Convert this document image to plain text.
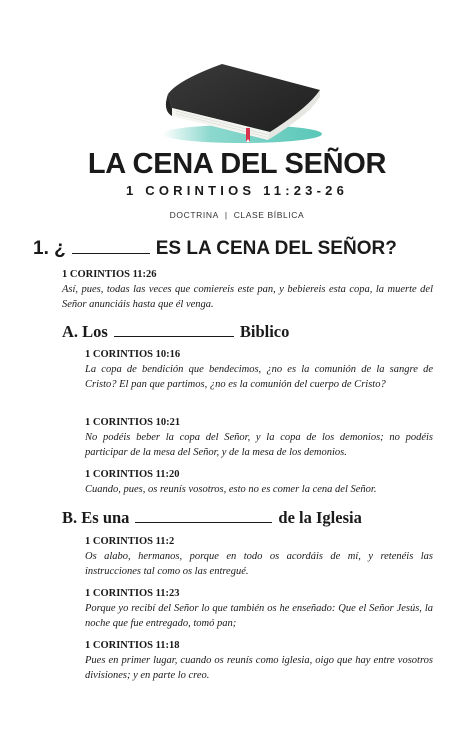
LA CENA DEL SEÑOR
1 CORINTIOS 11:23-26
DOCTRINA | CLASE BÍBLICA
1. ¿	ES LA CENA DEL SEÑOR?
1 CORINTIOS 11:26

Así, pues, todas las veces que comiereis este pan, y bebiereis esta copa, la muerte del Señor anunciáis hasta que él venga.

A. Los	Biblico
1 CORINTIOS 10:16

La copa de bendición que bendecimos, ¿no es la comunión de la sangre de Cristo? El pan que partimos, ¿no es la comunión del cuerpo de Cristo?

1 CORINTIOS 10:21

No podéis beber la copa del Señor, y la copa de los demonios; no podéis participar de la mesa del Señor, y de la mesa de los demonios.

1 CORINTIOS 11:20

Cuando, pues, os reunís vosotros, esto no es comer la cena del Señor.

B. Es una	de la Iglesia
1 CORINTIOS 11:2

Os alabo, hermanos, porque en todo os acordáis de mí, y retenéis las instrucciones tal como os las entregué.

1 CORINTIOS 11:23

Porque yo recibí del Señor lo que también os he enseñado: Que el Señor Jesús, la noche que fue entregado, tomó pan;

1 CORINTIOS 11:18

Pues en primer lugar, cuando os reunís como iglesia, oigo que hay entre vosotros divisiones; y en parte lo creo.
